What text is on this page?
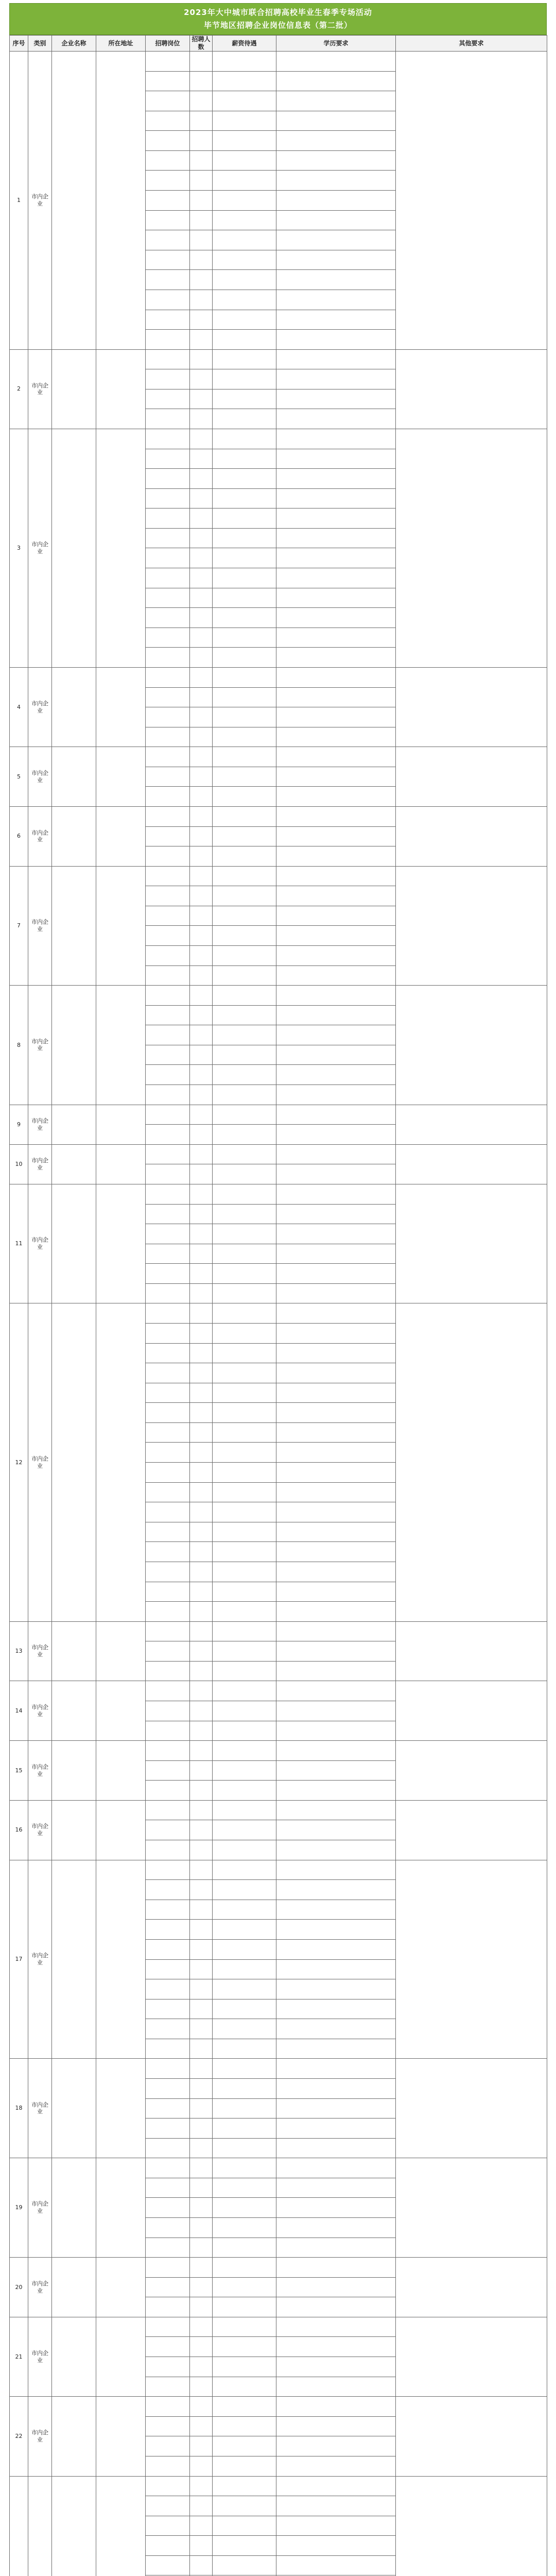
2023年大中城市联合招聘高校毕业生春季专场活动
毕节地区招聘企业岗位信息表（第二批）
序号	类别	企业名称	所在地址	招聘岗位	招聘人数	薪资待遇	学历要求	其他要求
1	市内企业							

2	市内企业							

3	市内企业							

4	市内企业							

5	市内企业							

6	市内企业							

7	市内企业							

8	市内企业							

9	市内企业							

10	市内企业							

11	市内企业							

12	市内企业							

13	市内企业							

14	市内企业							

15	市内企业							

16	市内企业							

17	市内企业							

18	市内企业							

19	市内企业							

20	市内企业							

21	市内企业							

22	市内企业							
